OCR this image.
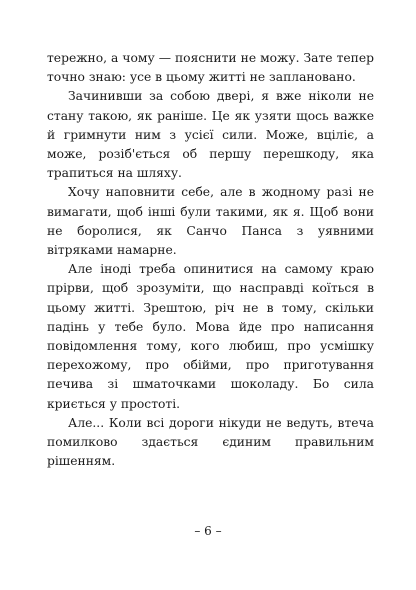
тережно, а чому — пояснити не можу. Зате тепер точно знаю: усе в цьому житті не заплановано.

Зачинивши за собою двері, я вже ніколи не стану такою, як раніше. Це як узяти щось важке й гримнути ним з усієї сили. Може, вціліє, а може, розіб'ється об першу перешкоду, яка трапиться на шляху.

Хочу наповнити себе, але в жодному разі не вимагати, щоб інші були такими, як я. Щоб вони не боролися, як Санчо Панса з уявними вітряками намарне.

Але іноді треба опинитися на самому краю прірви, щоб зрозуміти, що насправді коїться в цьому житті. Зрештою, річ не в тому, скільки падінь у тебе було. Мова йде про написання повідомлення тому, кого любиш, про усмішку перехожому, про обійми, про приготування печива зі шматочками шоколаду. Бо сила криється у простоті.

Але... Коли всі дороги нікуди не ведуть, втеча помилково здається єдиним правильним рішенням.

– 6 –
